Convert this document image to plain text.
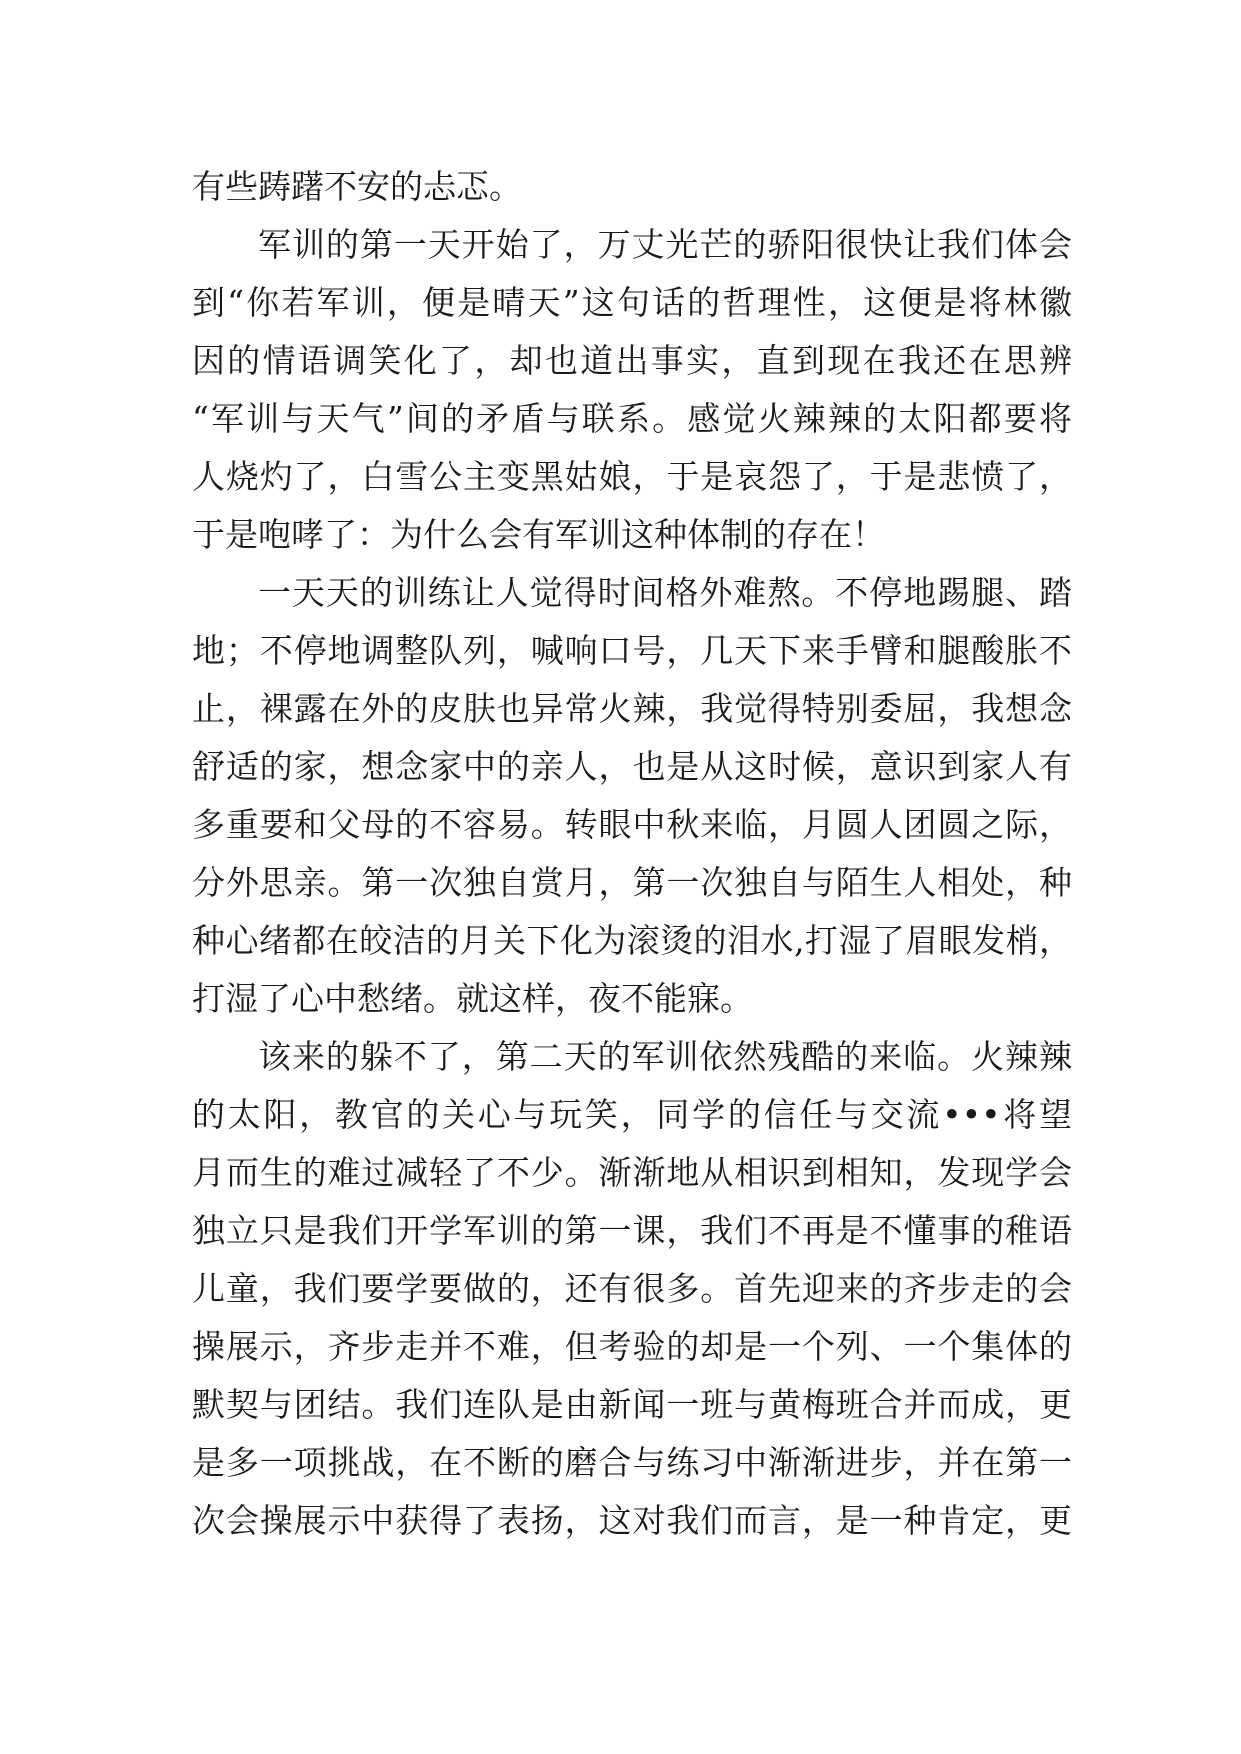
有些踌躇不安的忐忑。
军训的第一天开始了，万丈光芒的骄阳很快让我们体会
到“你若军训，便是晴天”这句话的哲理性，这便是将林徽
因的情语调笑化了，却也道出事实，直到现在我还在思辨
“军训与天气”间的矛盾与联系。感觉火辣辣的太阳都要将
人烧灼了，白雪公主变黑姑娘，于是哀怨了，于是悲愤了，
于是咆哮了：为什么会有军训这种体制的存在！
一天天的训练让人觉得时间格外难熬。不停地踢腿、踏
地；不停地调整队列，喊响口号，几天下来手臂和腿酸胀不
止，裸露在外的皮肤也异常火辣，我觉得特别委屈，我想念
舒适的家，想念家中的亲人，也是从这时候，意识到家人有
多重要和父母的不容易。转眼中秋来临，月圆人团圆之际，
分外思亲。第一次独自赏月，第一次独自与陌生人相处，种
种心绪都在皎洁的月关下化为滚烫的泪水,打湿了眉眼发梢，
打湿了心中愁绪。就这样，夜不能寐。
该来的躲不了，第二天的军训依然残酷的来临。火辣辣
的太阳，教官的关心与玩笑，同学的信任与交流•••将望
月而生的难过减轻了不少。渐渐地从相识到相知，发现学会
独立只是我们开学军训的第一课，我们不再是不懂事的稚语
儿童，我们要学要做的，还有很多。首先迎来的齐步走的会
操展示，齐步走并不难，但考验的却是一个列、一个集体的
默契与团结。我们连队是由新闻一班与黄梅班合并而成，更
是多一项挑战，在不断的磨合与练习中渐渐进步，并在第一
次会操展示中获得了表扬，这对我们而言，是一种肯定，更
